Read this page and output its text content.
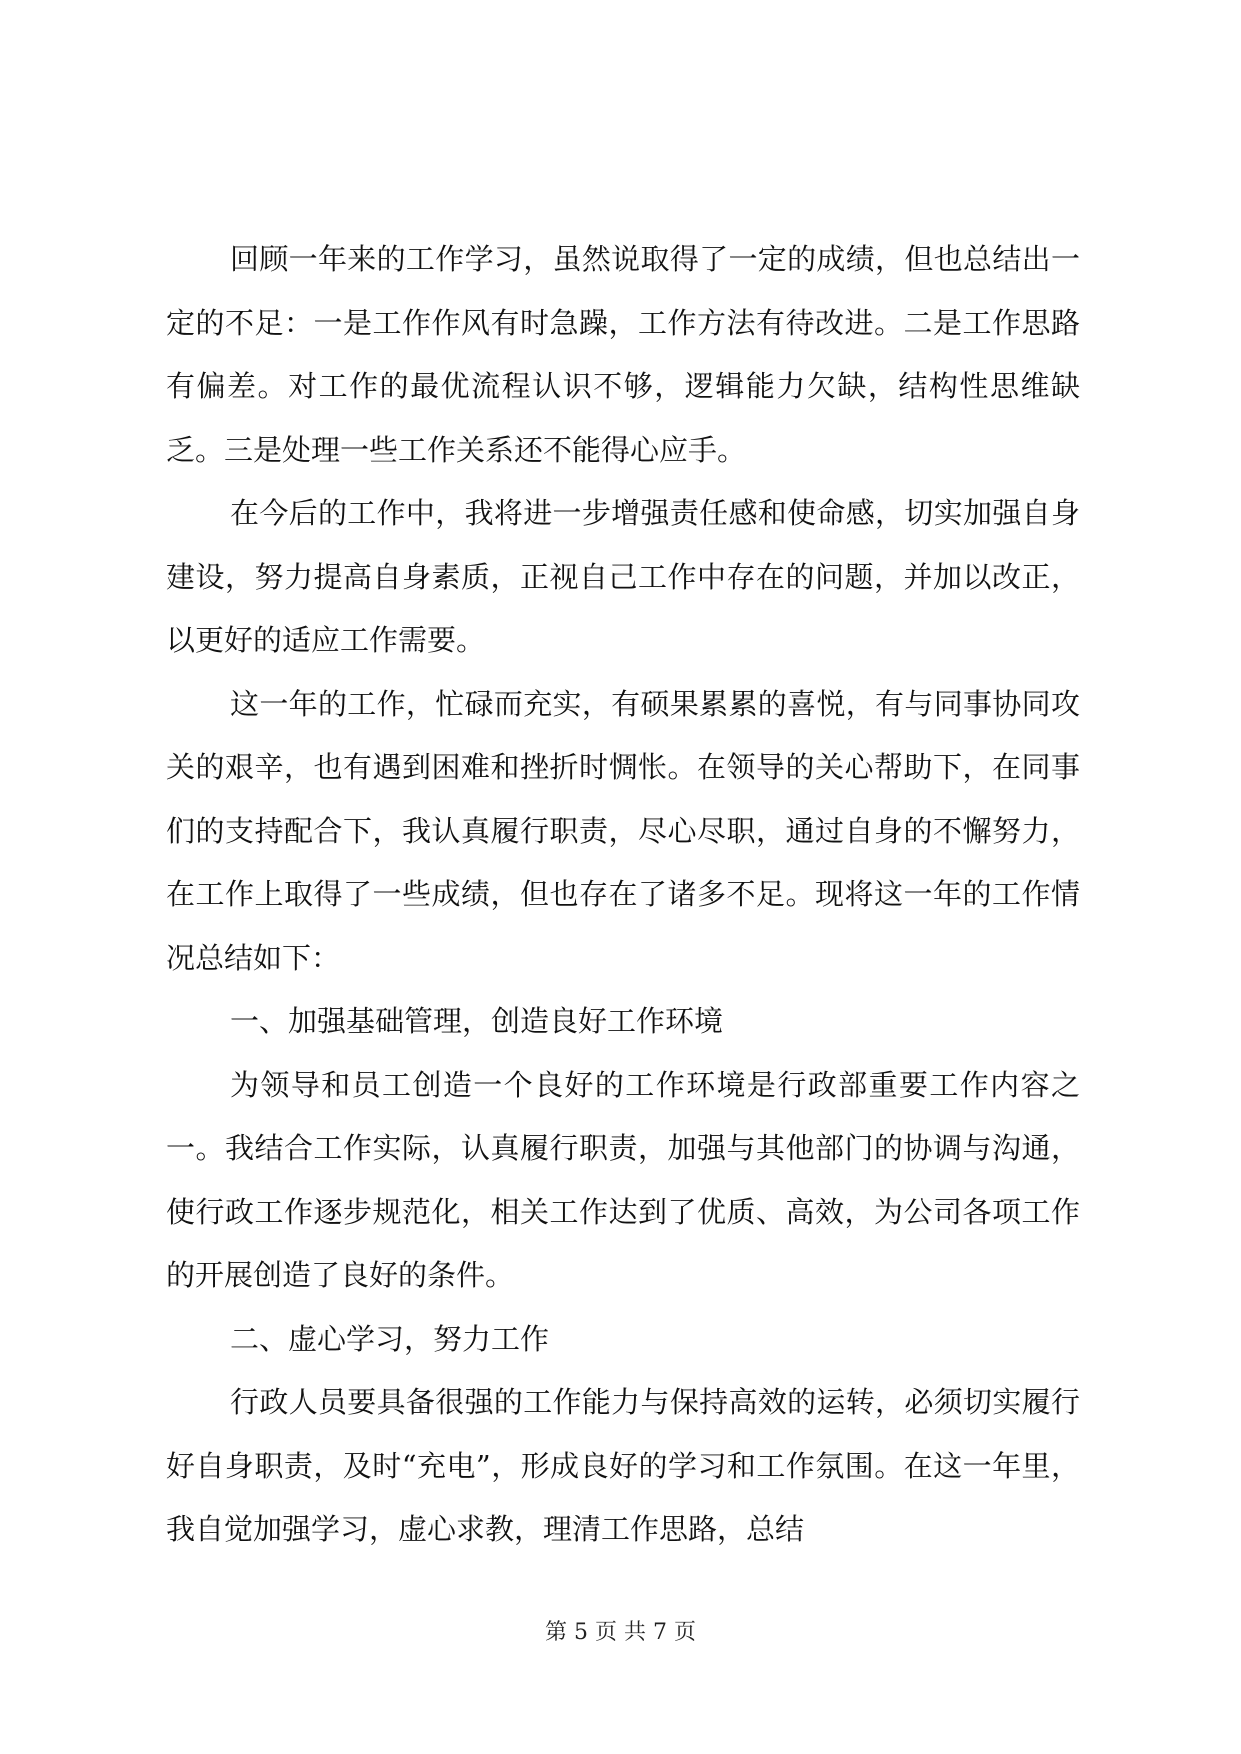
回顾一年来的工作学习，虽然说取得了一定的成绩，但也总结出一定的不足：一是工作作风有时急躁，工作方法有待改进。二是工作思路有偏差。对工作的最优流程认识不够，逻辑能力欠缺，结构性思维缺乏。三是处理一些工作关系还不能得心应手。

在今后的工作中，我将进一步增强责任感和使命感，切实加强自身建设，努力提高自身素质，正视自己工作中存在的问题，并加以改正，以更好的适应工作需要。

这一年的工作，忙碌而充实，有硕果累累的喜悦，有与同事协同攻关的艰辛，也有遇到困难和挫折时惆怅。在领导的关心帮助下，在同事们的支持配合下，我认真履行职责，尽心尽职，通过自身的不懈努力，在工作上取得了一些成绩，但也存在了诸多不足。现将这一年的工作情况总结如下：

一、加强基础管理，创造良好工作环境

为领导和员工创造一个良好的工作环境是行政部重要工作内容之一。我结合工作实际，认真履行职责，加强与其他部门的协调与沟通，使行政工作逐步规范化，相关工作达到了优质、高效，为公司各项工作的开展创造了良好的条件。

二、虚心学习，努力工作

行政人员要具备很强的工作能力与保持高效的运转，必须切实履行好自身职责，及时“充电”，形成良好的学习和工作氛围。在这一年里，我自觉加强学习，虚心求教，理清工作思路，总结

第 5 页 共 7 页
